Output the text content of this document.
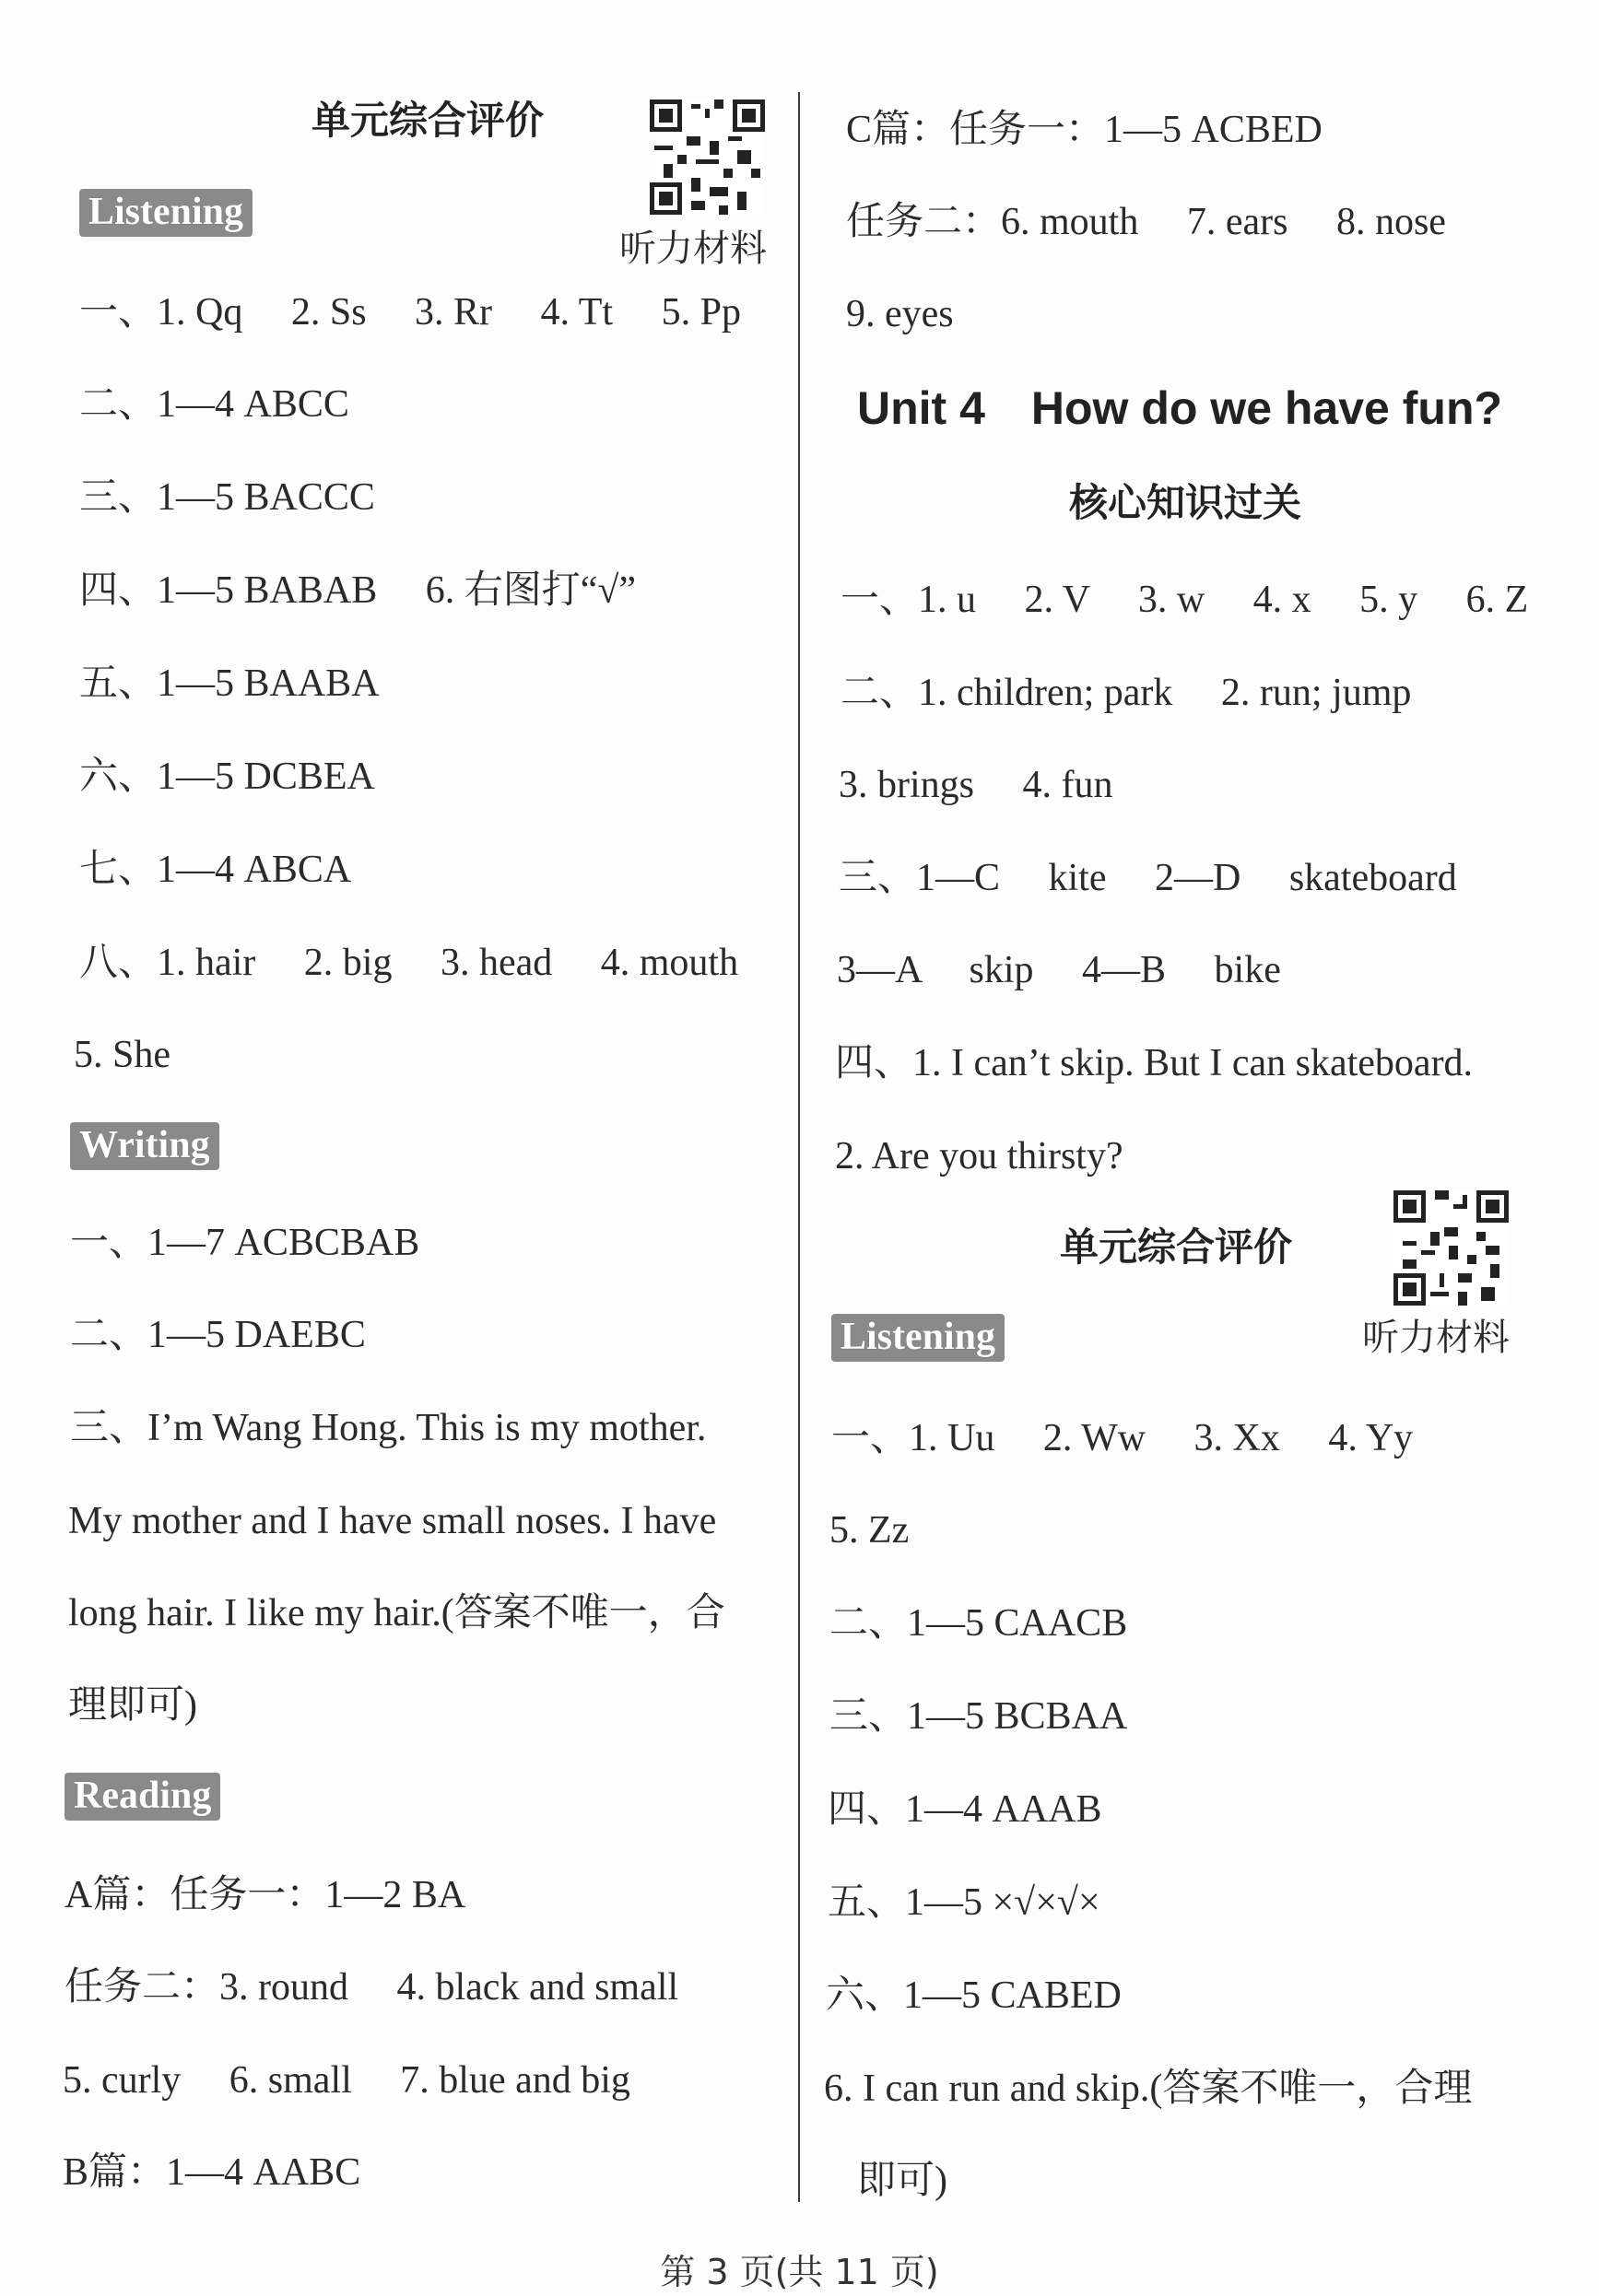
单元综合评价
听力材料
Listening
一、1. Qq　 2. Ss　 3. Rr　 4. Tt　 5. Pp
二、1—4 ABCC
三、1—5 BACCC
四、1—5 BABAB　 6. 右图打“√”
五、1—5 BAABA
六、1—5 DCBEA
七、1—4 ABCA
八、1. hair　 2. big　 3. head　 4. mouth
5. She
Writing
一、1—7 ACBCBAB
二、1—5 DAEBC
三、I’m Wang Hong. This is my mother.
My mother and I have small noses. I have
long hair. I like my hair.(答案不唯一，合
理即可)
Reading
A篇：任务一：1—2 BA
任务二：3. round　 4. black and small
5. curly　 6. small　 7. blue and big
B篇：1—4 AABC
C篇：任务一：1—5 ACBED
任务二：6. mouth　 7. ears　 8. nose
9. eyes
Unit 4　How do we have fun?
核心知识过关
一、1. u　 2. V　 3. w　 4. x　 5. y　 6. Z
二、1. children; park　 2. run; jump
3. brings　 4. fun
三、1—C　 kite　 2—D　 skateboard
3—A　 skip　 4—B　 bike
四、1. I can’t skip. But I can skateboard.
2. Are you thirsty?
单元综合评价
听力材料
Listening
一、1. Uu　 2. Ww　 3. Xx　 4. Yy
5. Zz
二、1—5 CAACB
三、1—5 BCBAA
四、1—4 AAAB
五、1—5 ×√×√×
六、1—5 CABED
6. I can run and skip.(答案不唯一，合理
即可)
第 3 页(共 11 页)
